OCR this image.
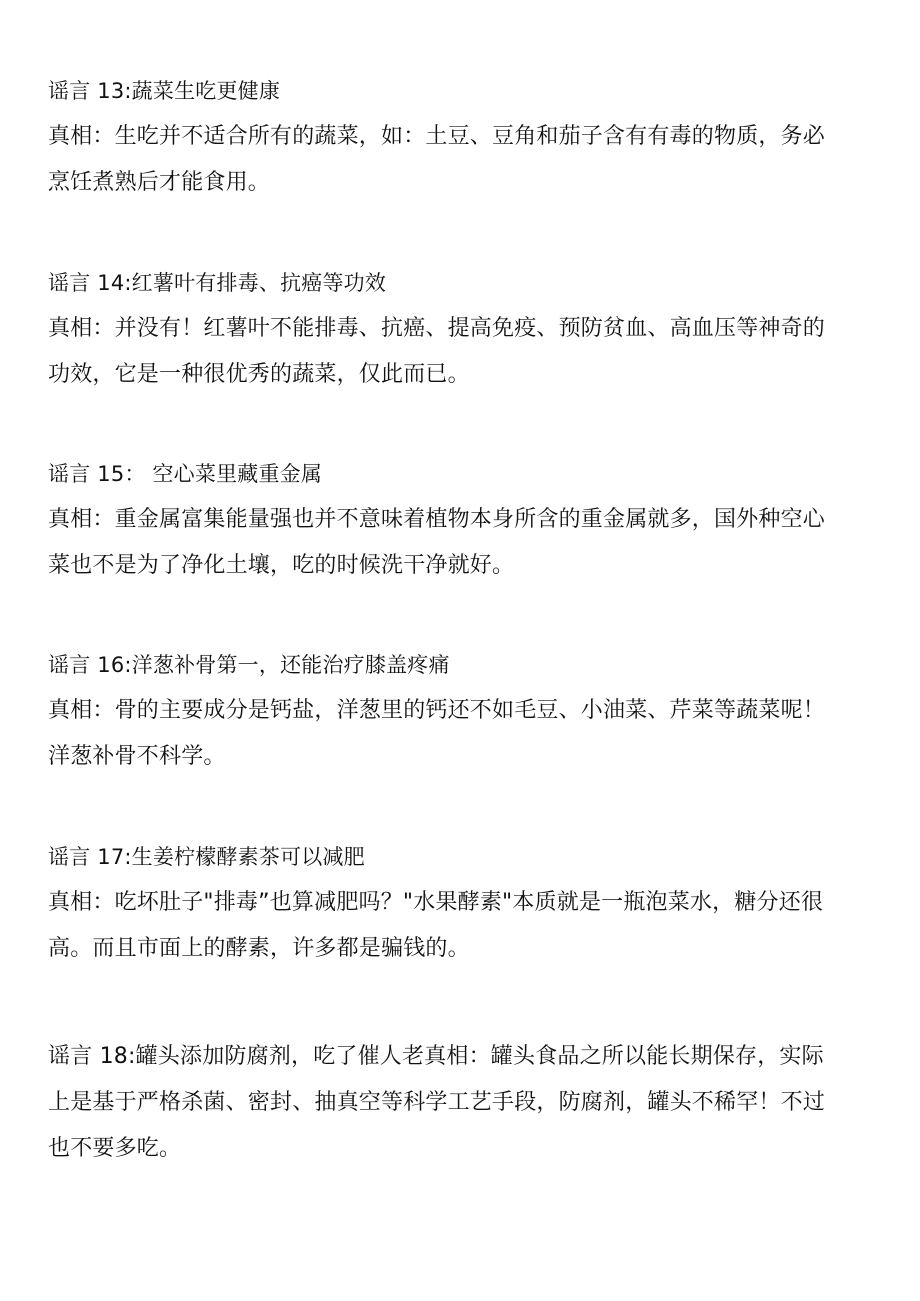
谣言 13:蔬菜生吃更健康
真相：生吃并不适合所有的蔬菜，如：土豆、豆角和茄子含有有毒的物质，务必
烹饪煮熟后才能食用。
谣言 14:红薯叶有排毒、抗癌等功效
真相：并没有！红薯叶不能排毒、抗癌、提高免疫、预防贫血、高血压等神奇的
功效，它是一种很优秀的蔬菜，仅此而已。
谣言 15： 空心菜里藏重金属
真相：重金属富集能量强也并不意味着植物本身所含的重金属就多，国外种空心
菜也不是为了净化土壤，吃的时候洗干净就好。
谣言 16:洋葱补骨第一，还能治疗膝盖疼痛
真相：骨的主要成分是钙盐，洋葱里的钙还不如毛豆、小油菜、芹菜等蔬菜呢！
洋葱补骨不科学。
谣言 17:生姜柠檬酵素茶可以减肥
真相：吃坏肚子"排毒”也算减肥吗？"水果酵素"本质就是一瓶泡菜水，糖分还很
高。而且市面上的酵素，许多都是骗钱的。
谣言 18:罐头添加防腐剂，吃了催人老真相：罐头食品之所以能长期保存，实际
上是基于严格杀菌、密封、抽真空等科学工艺手段，防腐剂，罐头不稀罕！不过
也不要多吃。
